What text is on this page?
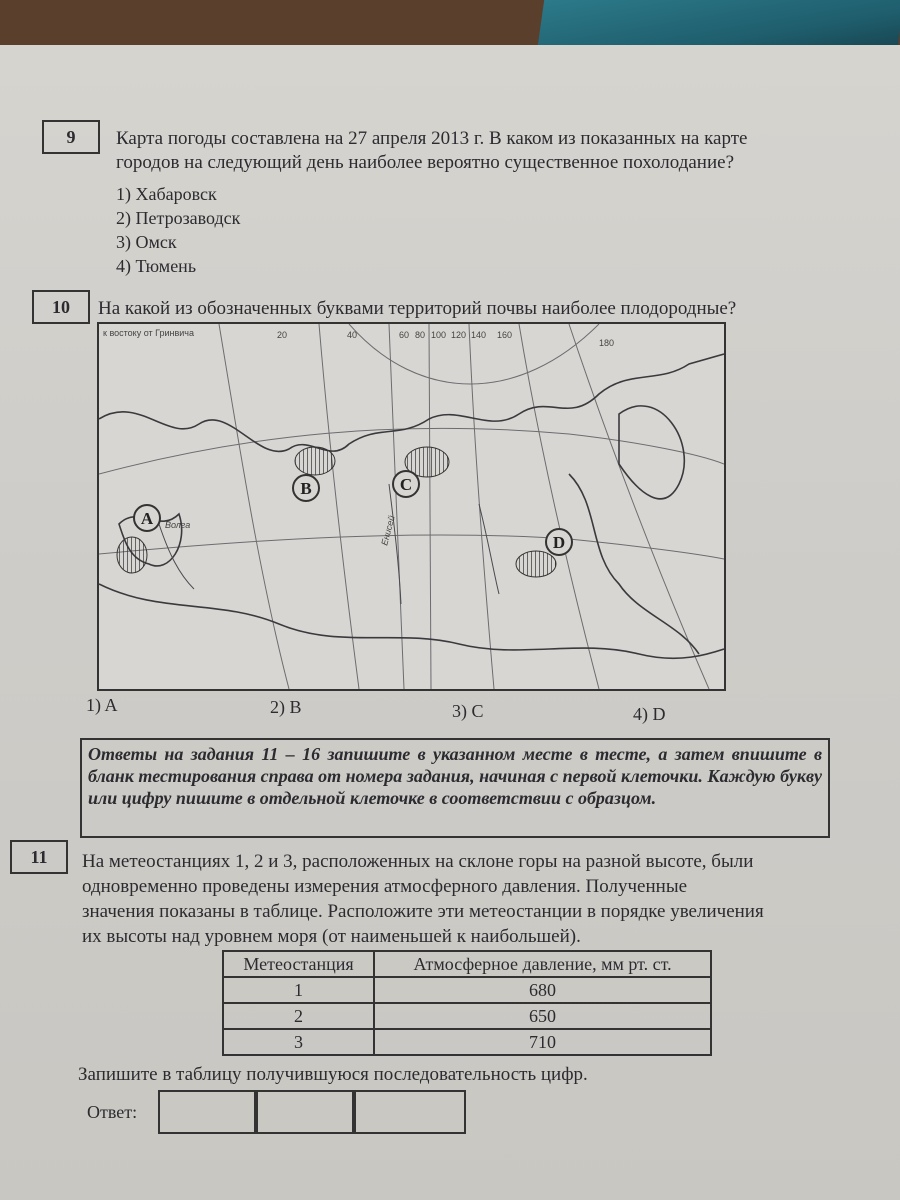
9	Карта погоды составлена на 27 апреля 2013 г. В каком из показанных на карте
городов на следующий день наиболее вероятно существенное похолодание?
1) Хабаровск
2) Петрозаводск
3) Омск
4) Тюмень
10	На какой из обозначенных буквами территорий почвы наиболее плодородные?
A
B	C
D
к востоку от Гринвича	20	40	60 80 100 120 140 160
180
Енисей
Волга
1) A	2) B	3) C	4) D
Ответы на задания 11 – 16 запишите в указанном месте в тесте, а затем впишите в бланк тестирования справа от номера задания, начиная с первой клеточки. Каждую букву или цифру пишите в отдельной клеточке в соответствии с образцом.
11	На метеостанциях 1, 2 и 3, расположенных на склоне горы на разной высоте, были
одновременно проведены измерения атмосферного давления. Полученные
значения показаны в таблице. Расположите эти метеостанции в порядке увеличения
их высоты над уровнем моря (от наименьшей к наибольшей).
Метеостанция	Атмосферное давление, мм рт. ст.
1	680
2	650
3	710
Запишите в таблицу получившуюся последовательность цифр.
Ответ:
